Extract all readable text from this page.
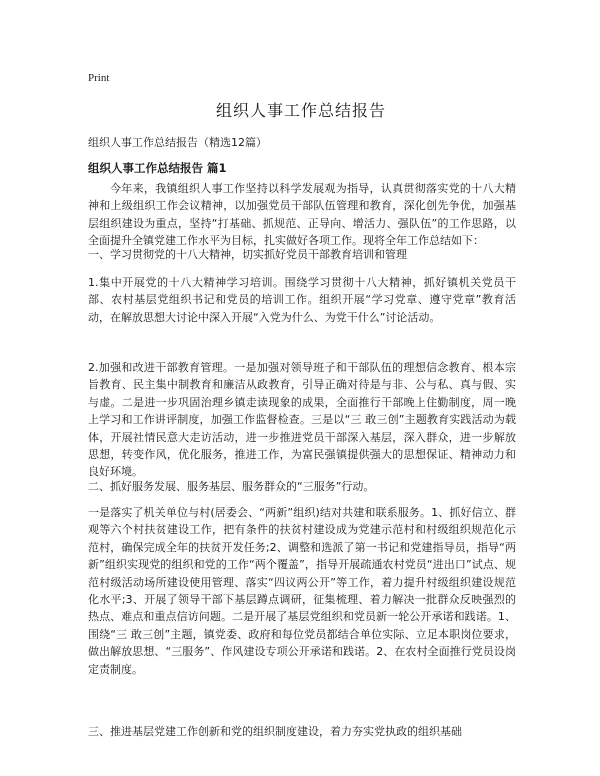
Print
组织人事工作总结报告

组织人事工作总结报告（精选12篇）

组织人事工作总结报告 篇1

今年来，我镇组织人事工作坚持以科学发展观为指导，认真贯彻落实党的十八大精神和上级组织工作会议精神，以加强党员干部队伍管理和教育，深化创先争优，加强基层组织建设为重点，坚持“打基础、抓规范、正导向、增活力、强队伍”的工作思路，以全面提升全镇党建工作水平为目标，扎实做好各项工作。现将全年工作总结如下：

一、学习贯彻党的十八大精神，切实抓好党员干部教育培训和管理

1.集中开展党的十八大精神学习培训。围绕学习贯彻十八大精神，抓好镇机关党员干部、农村基层党组织书记和党员的培训工作。组织开展“学习党章、遵守党章”教育活动，在解放思想大讨论中深入开展“入党为什么、为党干什么”讨论活动。

2.加强和改进干部教育管理。一是加强对领导班子和干部队伍的理想信念教育、根本宗旨教育、民主集中制教育和廉洁从政教育，引导正确对待是与非、公与私、真与假、实与虚。二是进一步巩固治理乡镇走读现象的成果，全面推行干部晚上住勤制度，周一晚上学习和工作讲评制度，加强工作监督检查。三是以“三 敢三创”主题教育实践活动为载体，开展社情民意大走访活动，进一步推进党员干部深入基层，深入群众，进一步解放思想，转变作风，优化服务，推进工作，为富民强镇提供强大的思想保证、精神动力和良好环境。

二、抓好服务发展、服务基层、服务群众的“三服务”行动。

一是落实了机关单位与村(居委会、“两新”组织)结对共建和联系服务。1、抓好信立、群观等六个村扶贫建设工作，把有条件的扶贫村建设成为党建示范村和村级组织规范化示范村，确保完成全年的扶贫开发任务;2、调整和选派了第一书记和党建指导员，指导“两新”组织实现党的组织和党的工作“两个覆盖”，指导开展疏通农村党员“进出口”试点、规范村级活动场所建设使用管理、落实“四议两公开”等工作，着力提升村级组织建设规范化水平;3、开展了领导干部下基层蹲点调研，征集梳理、着力解决一批群众反映强烈的热点、难点和重点信访问题。二是开展了基层党组织和党员新一轮公开承诺和践诺。1、围绕“三 敢三创”主题，镇党委、政府和每位党员都结合单位实际、立足本职岗位要求，做出解放思想、“三服务”、作风建设专项公开承诺和践诺。2、在农村全面推行党员设岗定责制度。

三、推进基层党建工作创新和党的组织制度建设，着力夯实党执政的组织基础
